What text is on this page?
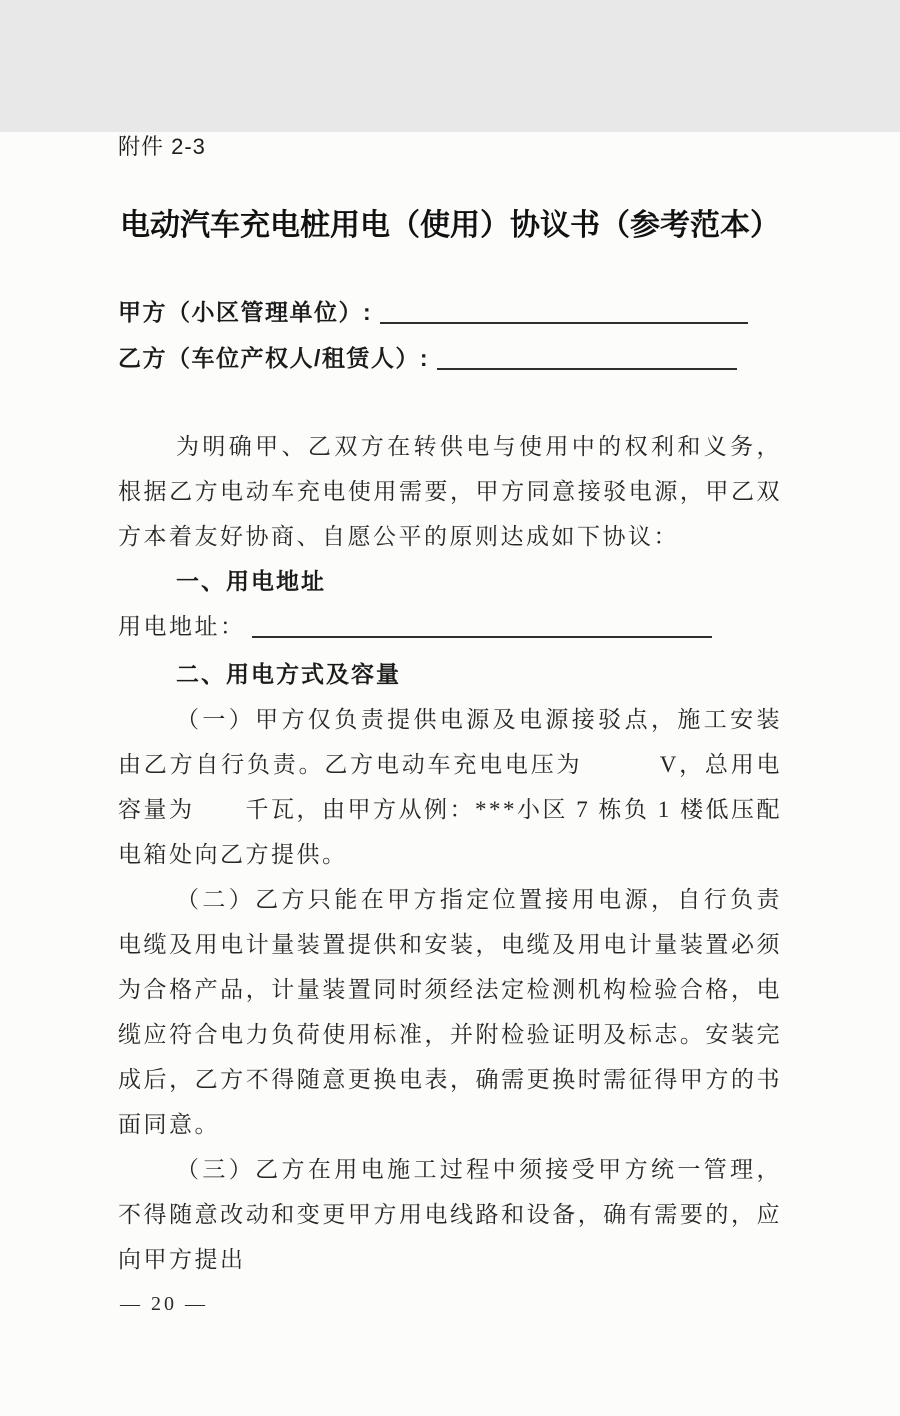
附件 2-3
电动汽车充电桩用电（使用）协议书（参考范本）
甲方（小区管理单位）:
乙方（车位产权人/租赁人）:

为明确甲、乙双方在转供电与使用中的权利和义务，根据乙方电动车充电使用需要，甲方同意接驳电源，甲乙双方本着友好协商、自愿公平的原则达成如下协议：

一、用电地址
用电地址：
二、用电方式及容量

（一）甲方仅负责提供电源及电源接驳点，施工安装由乙方自行负责。乙方电动车充电电压为　　　V，总用电容量为　　千瓦，由甲方从例：***小区 7 栋负 1 楼低压配电箱处向乙方提供。

（二）乙方只能在甲方指定位置接用电源，自行负责电缆及用电计量装置提供和安装，电缆及用电计量装置必须为合格产品，计量装置同时须经法定检测机构检验合格，电缆应符合电力负荷使用标准，并附检验证明及标志。安装完成后，乙方不得随意更换电表，确需更换时需征得甲方的书面同意。

（三）乙方在用电施工过程中须接受甲方统一管理，不得随意改动和变更甲方用电线路和设备，确有需要的，应向甲方提出

— 20 —
